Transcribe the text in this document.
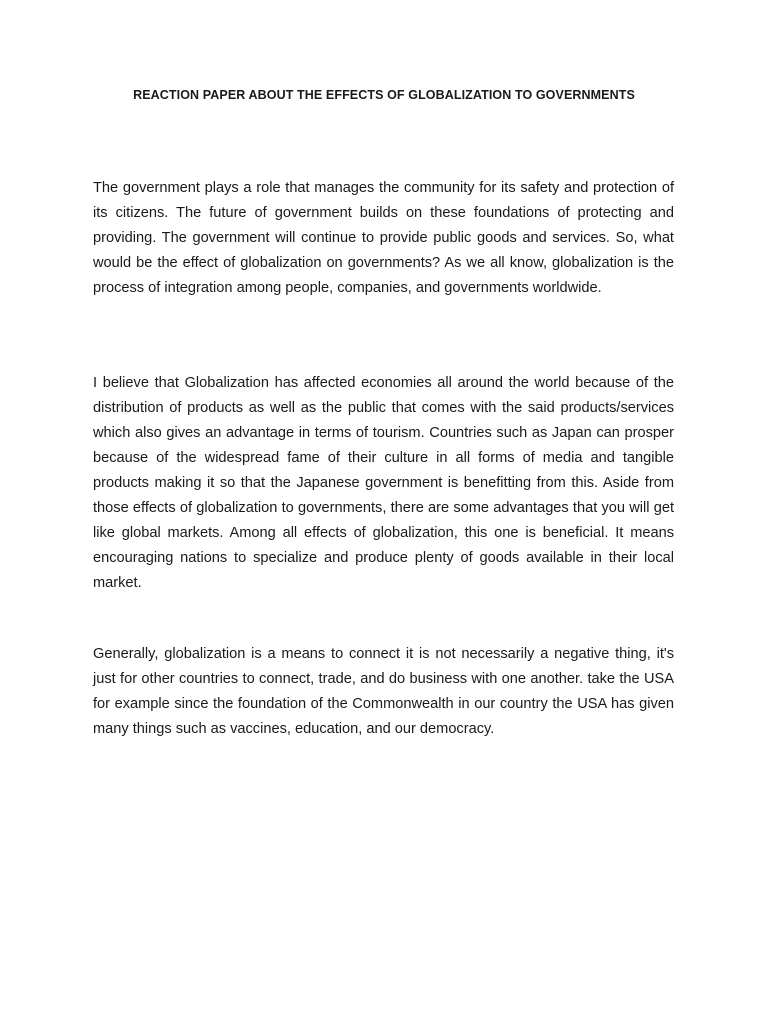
REACTION PAPER ABOUT THE EFFECTS OF GLOBALIZATION TO GOVERNMENTS

The government plays a role that manages the community for its safety and protection of its citizens. The future of government builds on these foundations of protecting and providing. The government will continue to provide public goods and services. So, what would be the effect of globalization on governments? As we all know, globalization is the process of integration among people, companies, and governments worldwide.

I believe that Globalization has affected economies all around the world because of the distribution of products as well as the public that comes with the said products/services which also gives an advantage in terms of tourism. Countries such as Japan can prosper because of the widespread fame of their culture in all forms of media and tangible products making it so that the Japanese government is benefitting from this. Aside from those effects of globalization to governments, there are some advantages that you will get like global markets. Among all effects of globalization, this one is beneficial. It means encouraging nations to specialize and produce plenty of goods available in their local market.

Generally, globalization is a means to connect it is not necessarily a negative thing, it's just for other countries to connect, trade, and do business with one another. take the USA for example since the foundation of the Commonwealth in our country the USA has given many things such as vaccines, education, and our democracy.
